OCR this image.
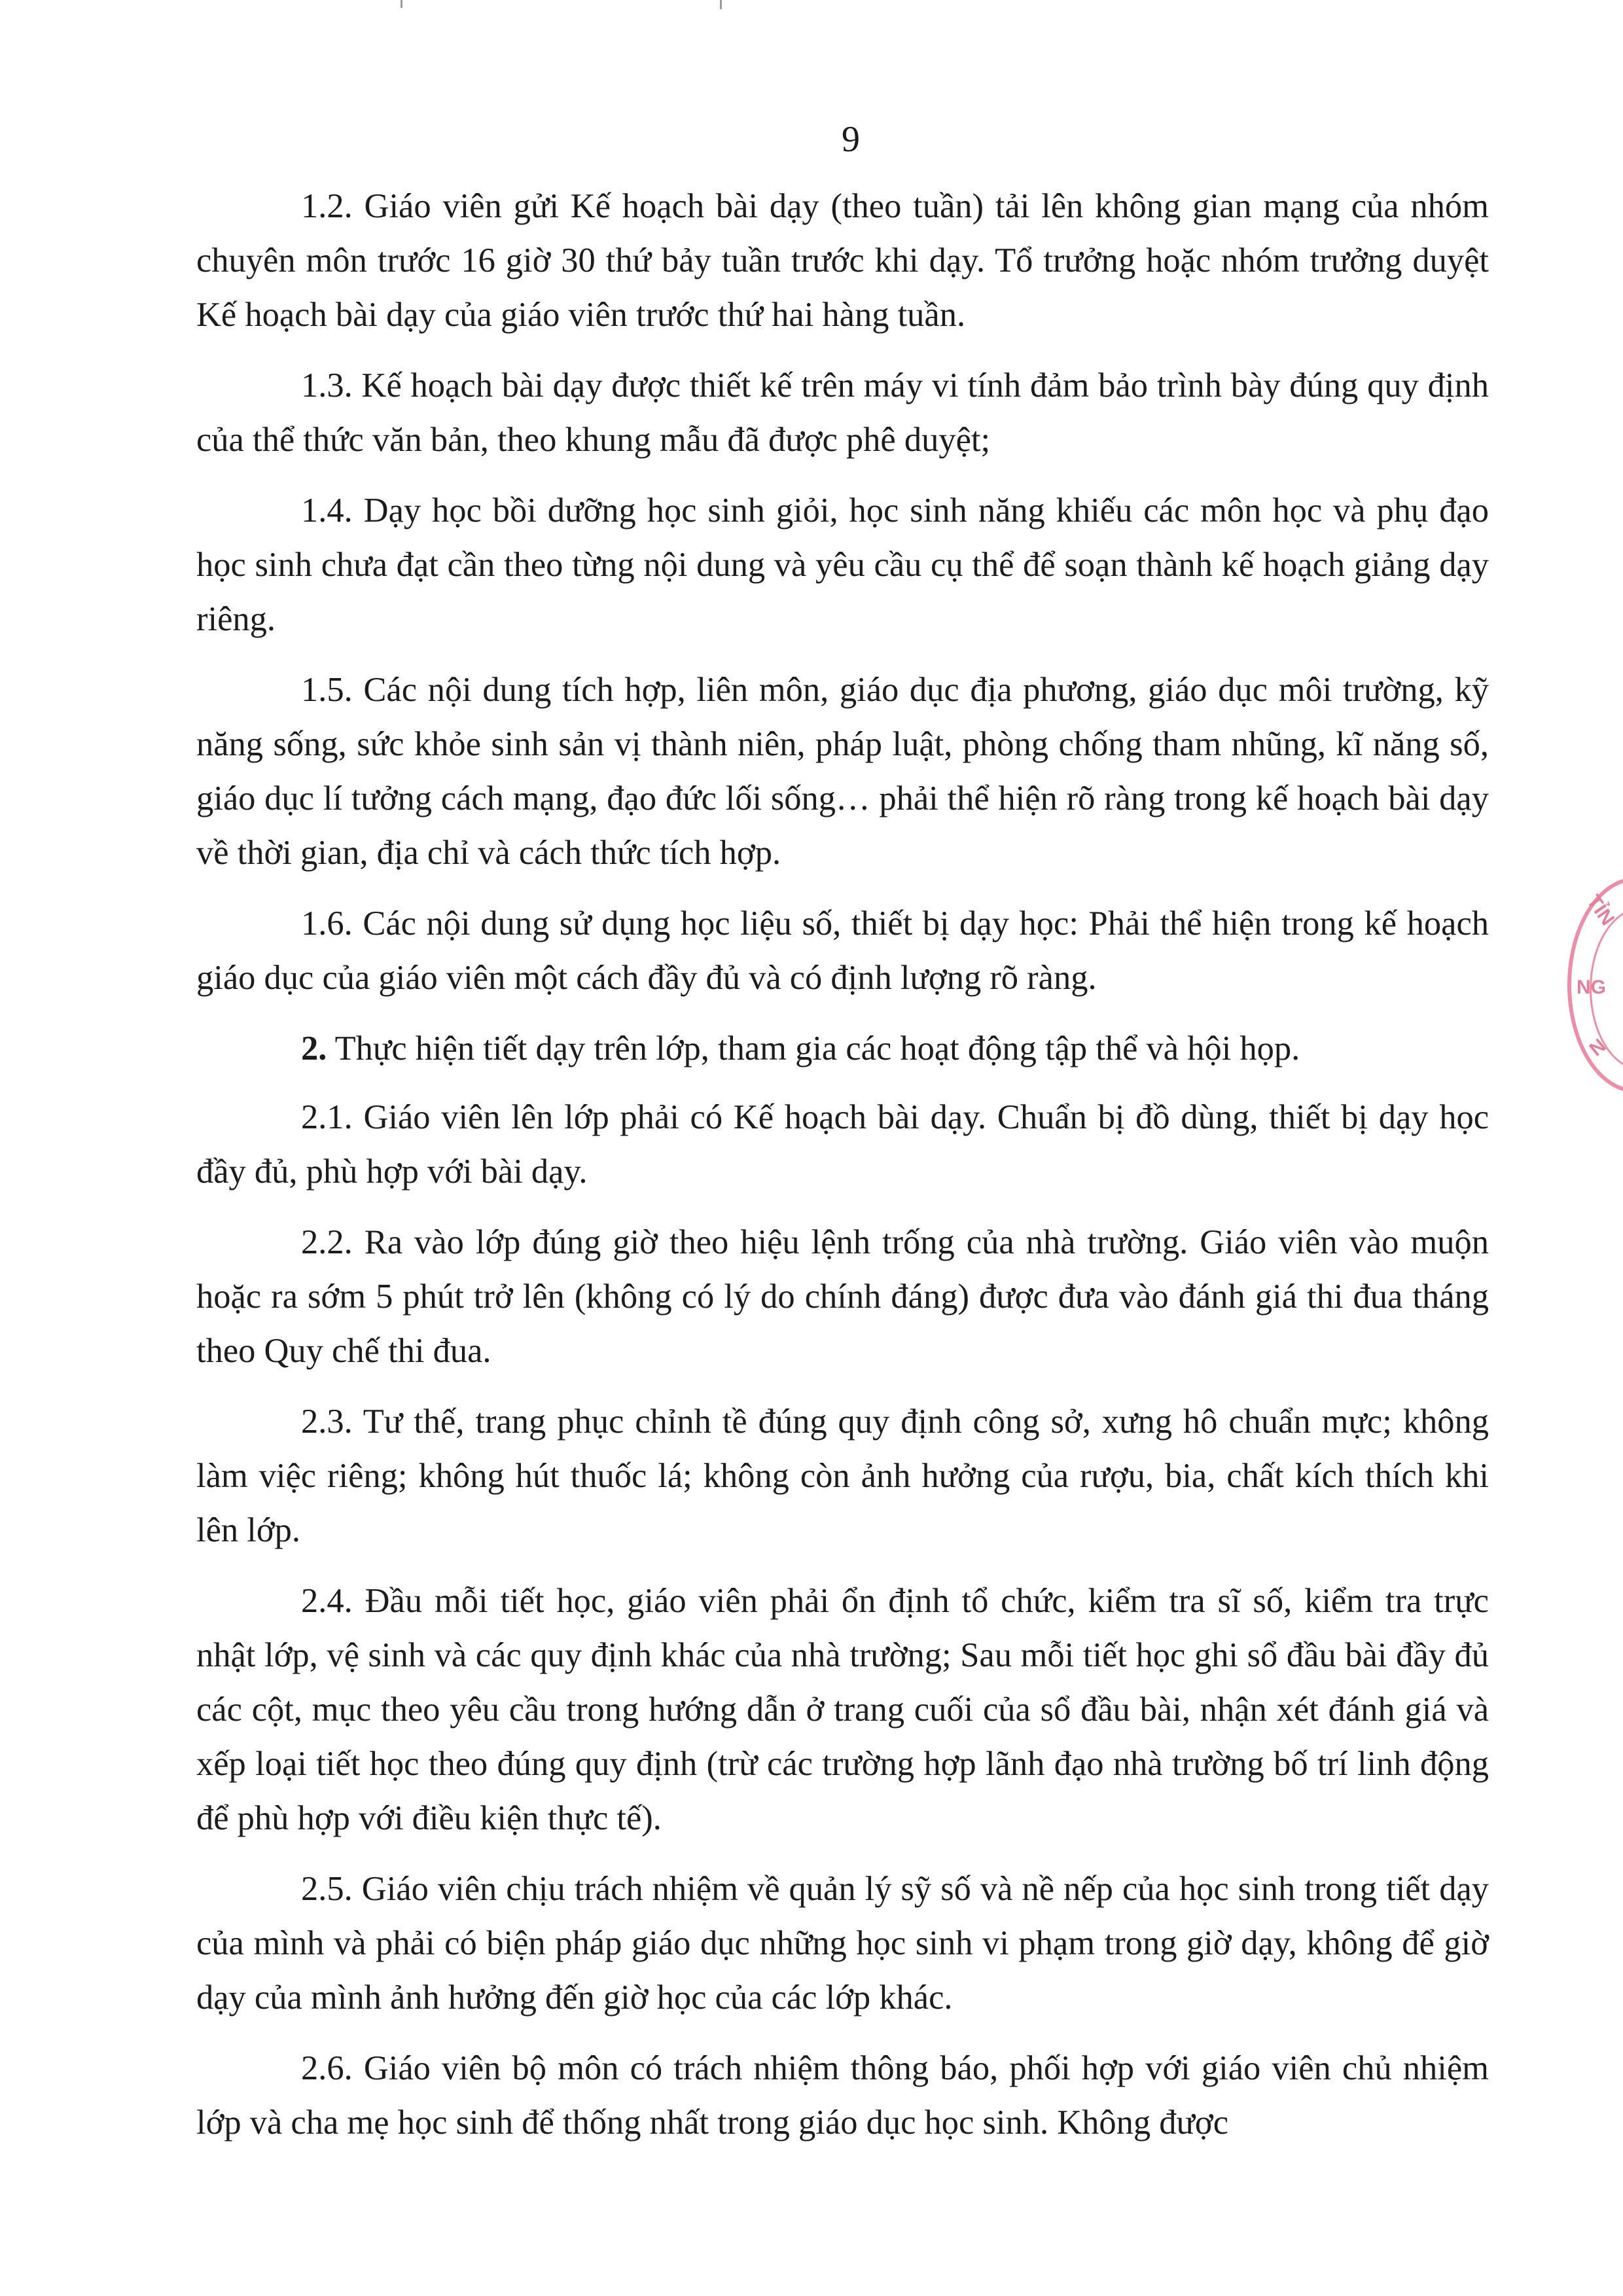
9

1.2. Giáo viên gửi Kế hoạch bài dạy (theo tuần) tải lên không gian mạng của nhóm chuyên môn trước 16 giờ 30 thứ bảy tuần trước khi dạy. Tổ trưởng hoặc nhóm trưởng duyệt Kế hoạch bài dạy của giáo viên trước thứ hai hàng tuần.

1.3. Kế hoạch bài dạy được thiết kế trên máy vi tính đảm bảo trình bày đúng quy định của thể thức văn bản, theo khung mẫu đã được phê duyệt;

1.4. Dạy học bồi dưỡng học sinh giỏi, học sinh năng khiếu các môn học và phụ đạo học sinh chưa đạt cần theo từng nội dung và yêu cầu cụ thể để soạn thành kế hoạch giảng dạy riêng.

1.5. Các nội dung tích hợp, liên môn, giáo dục địa phương, giáo dục môi trường, kỹ năng sống, sức khỏe sinh sản vị thành niên, pháp luật, phòng chống tham nhũng, kĩ năng số, giáo dục lí tưởng cách mạng, đạo đức lối sống… phải thể hiện rõ ràng trong kế hoạch bài dạy về thời gian, địa chỉ và cách thức tích hợp.

1.6. Các nội dung sử dụng học liệu số, thiết bị dạy học: Phải thể hiện trong kế hoạch giáo dục của giáo viên một cách đầy đủ và có định lượng rõ ràng.

2. Thực hiện tiết dạy trên lớp, tham gia các hoạt động tập thể và hội họp.

2.1. Giáo viên lên lớp phải có Kế hoạch bài dạy. Chuẩn bị đồ dùng, thiết bị dạy học đầy đủ, phù hợp với bài dạy.

2.2. Ra vào lớp đúng giờ theo hiệu lệnh trống của nhà trường. Giáo viên vào muộn hoặc ra sớm 5 phút trở lên (không có lý do chính đáng) được đưa vào đánh giá thi đua tháng theo Quy chế thi đua.

2.3. Tư thế, trang phục chỉnh tề đúng quy định công sở, xưng hô chuẩn mực; không làm việc riêng; không hút thuốc lá; không còn ảnh hưởng của rượu, bia, chất kích thích khi lên lớp.

2.4. Đầu mỗi tiết học, giáo viên phải ổn định tổ chức, kiểm tra sĩ số, kiểm tra trực nhật lớp, vệ sinh và các quy định khác của nhà trường; Sau mỗi tiết học ghi sổ đầu bài đầy đủ các cột, mục theo yêu cầu trong hướng dẫn ở trang cuối của sổ đầu bài, nhận xét đánh giá và xếp loại tiết học theo đúng quy định (trừ các trường hợp lãnh đạo nhà trường bố trí linh động để phù hợp với điều kiện thực tế).

2.5. Giáo viên chịu trách nhiệm về quản lý sỹ số và nề nếp của học sinh trong tiết dạy của mình và phải có biện pháp giáo dục những học sinh vi phạm trong giờ dạy, không để giờ dạy của mình ảnh hưởng đến giờ học của các lớp khác.

2.6. Giáo viên bộ môn có trách nhiệm thông báo, phối hợp với giáo viên chủ nhiệm lớp và cha mẹ học sinh để thống nhất trong giáo dục học sinh. Không được

TỈN
NG
N
